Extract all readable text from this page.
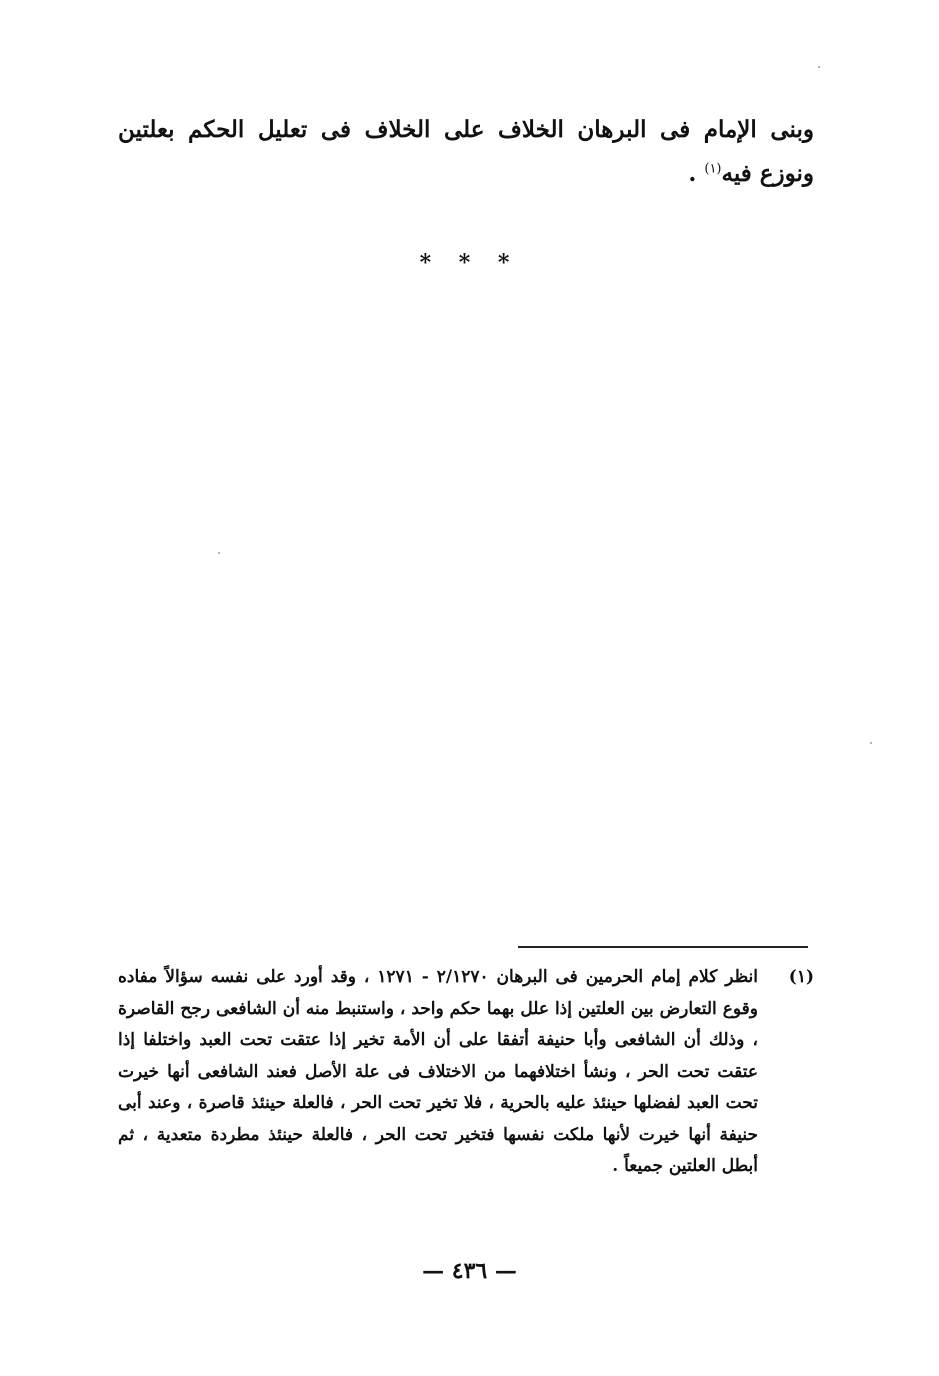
وبنى الإمام فى البرهان الخلاف على الخلاف فى تعليل الحكم بعلتين ونوزع فيه$^{(١)}$ .
* * *
(١)
انظر كلام إمام الحرمين فى البرهان ٢/١٢٧٠ - ١٢٧١ ، وقد أورد على نفسه سؤالاً مفاده وقوع التعارض بين العلتين إذا علل بهما حكم واحد ، واستنبط منه أن الشافعى رجح القاصرة ، وذلك أن الشافعى وأبا حنيفة أتفقا على أن الأمة تخير إذا عتقت تحت العبد واختلفا إذا عتقت تحت الحر ، ونشأ اختلافهما من الاختلاف فى علة الأصل فعند الشافعى أنها خيرت تحت العبد لفضلها حينئذ عليه بالحرية ، فلا تخير تحت الحر ، فالعلة حينئذ قاصرة ، وعند أبى حنيفة أنها خيرت لأنها ملكت نفسها فتخير تحت الحر ، فالعلة حينئذ مطردة متعدية ، ثم أبطل العلتين جميعاً .
— ٤٣٦ —
